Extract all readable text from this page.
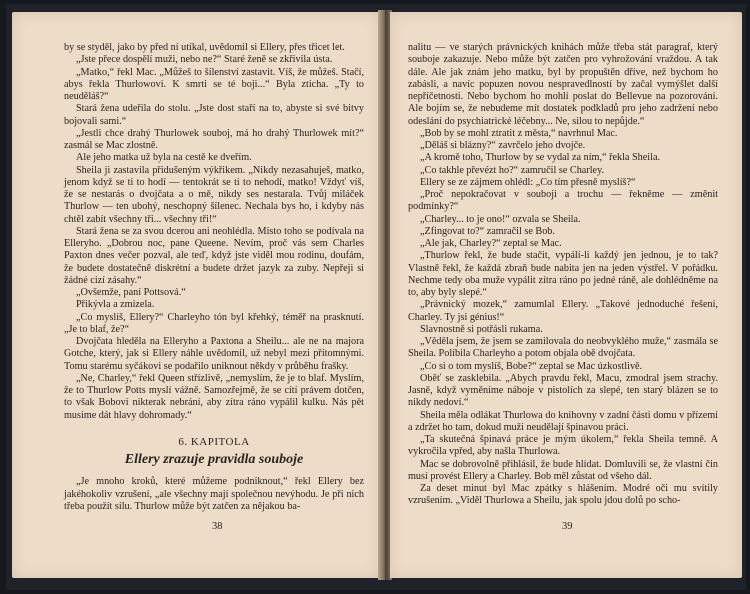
by se styděl, jako by před ní utíkal, uvědomil si Ellery, přes třicet let.

„Jste přece dospělí muži, nebo ne?“ Staré ženě se zkřivila ústa.

„Matko,“ řekl Mac. „Můžeš to šílenství zastavit. Víš, že můžeš. Stačí, abys řekla Thurlowovi. K smrti se té boji...“ Byla zticha. „Ty to neuděláš?“

Stará žena udeřila do stolu. „Jste dost staří na to, abyste si své bitvy bojovali sami.“

„Jestli chce drahý Thurlowek souboj, má ho drahý Thurlowek mít?“ zasmál se Mac zlostně.

Ale jeho matka už byla na cestě ke dveřím.

Sheila ji zastavila přidušeným výkřikem. „Nikdy nezasahuješ, matko, jenom když se ti to hodí — tentokrát se ti to nehodí, matko! Vždyť víš, že se nestarás o dvojčata a o mě, nikdy ses nestarala. Tvůj miláček Thurlow — ten ubohý, neschopný šílenec. Nechala bys ho, i kdyby nás chtěl zabít všechny tři... všechny tři!“

Stará žena se za svou dcerou ani neohlédla. Místo toho se podívala na Elleryho. „Dobrou noc, pane Queene. Nevím, proč vás sem Charles Paxton dnes večer pozval, ale teď, když jste viděl mou rodinu, doufám, že budete dostatečně diskrétní a budete držet jazyk za zuby. Nepřeji si žádné cizí zásahy.“

„Ovšemže, paní Pottsová.“

Přikývla a zmizela.

„Co myslíš, Ellery?“ Charleyho tón byl křehký, téměř na prasknutí. „Je to blaf, že?“

Dvojčata hleděla na Elleryho a Paxtona a Sheilu... ale ne na majora Gotche, který, jak si Ellery náhle uvědomil, už nebyl mezi přítomnými. Tomu starému syčákovi se podařilo uniknout někdy v průběhu frašky.

„Ne, Charley,“ řekl Queen střízlivě, „nemyslím, že je to blaf. Myslím, že to Thurlow Potts myslí vážně. Samozřejmě, že se cítí právem dotčen, to však Bobovi nikterak nebrání, aby zítra ráno vypálil kulku. Nás pět musíme dát hlavy dohromady.“

6. KAPITOLA
Ellery zrazuje pravidla souboje

„Je mnoho kroků, které můžeme podniknout,“ řekl Ellery bez jakéhokoliv vzrušení, „ale všechny mají společnou nevýhodu. Je při nich třeba použít sílu. Thurlow může být zatčen za nějakou ba-

38

nalitu — ve starých právnických knihách může třeba stát paragraf, který souboje zakazuje. Nebo může být zatčen pro vyhrožování vraždou. A tak dále. Ale jak znám jeho matku, byl by propuštěn dříve, než bychom ho zabásli, a navíc popuzen novou nespravedlností by začal vymýšlet další nepříčetnosti. Nebo bychom ho mohli poslat do Bellevue na pozorování. Ale bojím se, že nebudeme mít dostatek podkladů pro jeho zadržení nebo odeslání do psychiatrické léčebny... Ne, silou to nepůjde.“

„Bob by se mohl ztratit z města,“ navrhnul Mac.

„Děláš si blázny?“ zavrčelo jeho dvojče.

„A kromě toho, Thurlow by se vydal za ním,“ řekla Sheila.

„Co takhle převézt ho?“ zamručil se Charley.

Ellery se ze zájmem ohlédl: „Co tím přesně myslíš?“

„Proč nepokračovat v souboji a trochu — řekněme — změnit podmínky?“

„Charley... to je ono!“ ozvala se Sheila.

„Zfingovat to?“ zamračil se Bob.

„Ale jak, Charley?“ zeptal se Mac.

„Thurlow řekl, že bude stačit, vypálí-li každý jen jednou, je to tak? Vlastně řekl, že každá zbraň bude nabita jen na jeden výstřel. V pořádku. Nechme tedy oba muže vypálit zítra ráno po jedné ráně, ale dohlédněme na to, aby byly slepé.“

„Právnický mozek,“ zamumlal Ellery. „Takové jednoduché řešení, Charley. Ty jsi génius!“

Slavnostně si potřásli rukama.

„Věděla jsem, že jsem se zamilovala do neobvyklého muže,“ zasmála se Sheila. Políbila Charleyho a potom objala obě dvojčata.

„Co si o tom myslíš, Bobe?“ zeptal se Mac úzkostlivě.

Oběť se zasklebila. „Abych pravdu řekl, Macu, zmodral jsem strachy. Jasně, když vyměníme náboje v pistolích za slepé, ten starý blázen se to nikdy nedoví.“

Sheila měla odlákat Thurlowa do knihovny v zadní části domu v přízemí a zdržet ho tam, dokud muži neudělají špinavou práci.

„Ta skutečná špinavá práce je mým úkolem,“ řekla Sheila temně. A vykročila vpřed, aby našla Thurlowa.

Mac se dobrovolně přihlásil, že bude hlídat. Domluvili se, že vlastní čin musí provést Ellery a Charley. Bob měl zůstat od všeho dál.

Za deset minut byl Mac zpátky s hlášením. Modré oči mu svítily vzrušením. „Viděl Thurlowa a Sheilu, jak spolu jdou dolů po scho-

39
